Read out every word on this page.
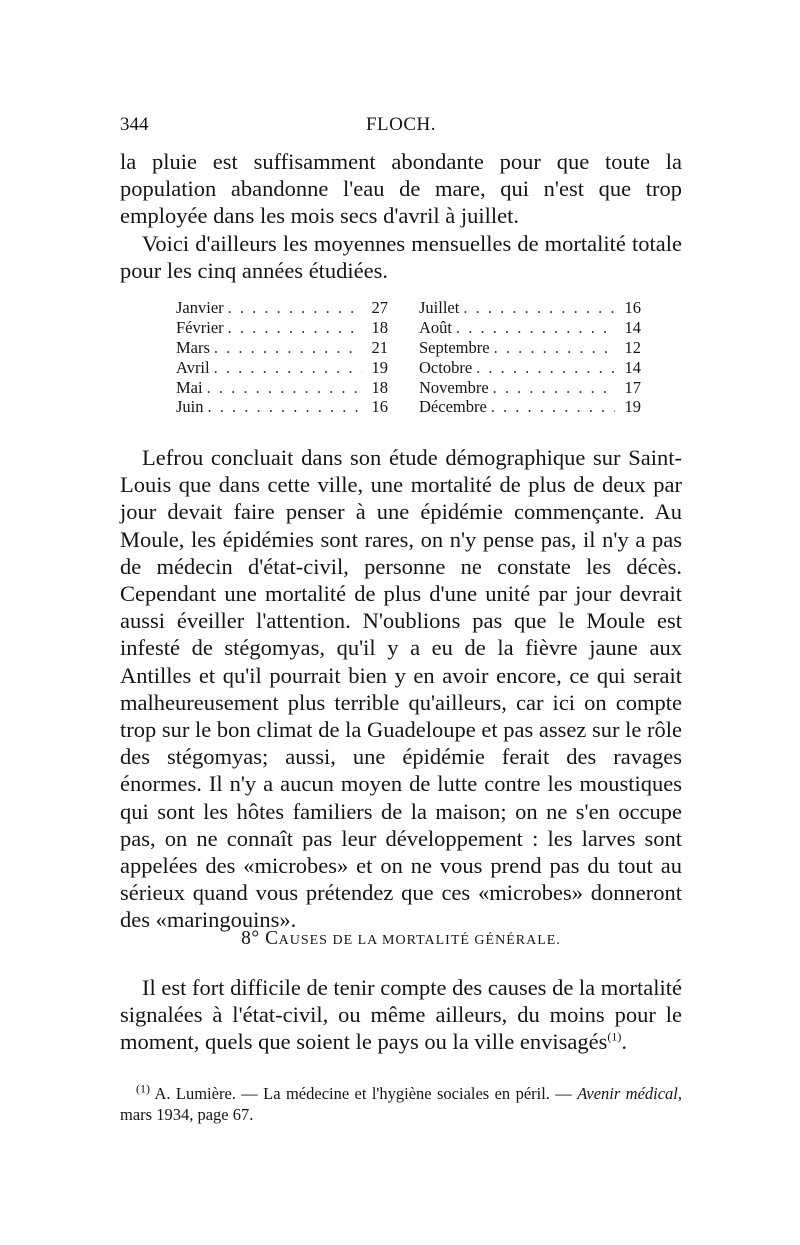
344	FLOCH.

la pluie est suffisamment abondante pour que toute la population abandonne l'eau de mare, qui n'est que trop employée dans les mois secs d'avril à juillet.

Voici d'ailleurs les moyennes mensuelles de mortalité totale pour les cinq années étudiées.

Janvier . . .	27
Février . . .	18
Mars . . .	21
Avril . . .	19
Mai . . .	18
Juin . . .	16
Juillet . . .	16
Août . . .	14
Septembre . . .	12
Octobre . . .	14
Novembre . . .	17
Décembre . . .	19

Lefrou concluait dans son étude démographique sur Saint-Louis que dans cette ville, une mortalité de plus de deux par jour devait faire penser à une épidémie commençante. Au Moule, les épidémies sont rares, on n'y pense pas, il n'y a pas de médecin d'état-civil, personne ne constate les décès. Cependant une mortalité de plus d'une unité par jour devrait aussi éveiller l'attention. N'oublions pas que le Moule est infesté de stégomyas, qu'il y a eu de la fièvre jaune aux Antilles et qu'il pourrait bien y en avoir encore, ce qui serait malheureusement plus terrible qu'ailleurs, car ici on compte trop sur le bon climat de la Guadeloupe et pas assez sur le rôle des stégomyas; aussi, une épidémie ferait des ravages énormes. Il n'y a aucun moyen de lutte contre les moustiques qui sont les hôtes familiers de la maison; on ne s'en occupe pas, on ne connaît pas leur développement : les larves sont appelées des «microbes» et on ne vous prend pas du tout au sérieux quand vous prétendez que ces «microbes» donneront des «maringouins».

8° CAUSES DE LA MORTALITÉ GÉNÉRALE.

Il est fort difficile de tenir compte des causes de la mortalité signalées à l'état-civil, ou même ailleurs, du moins pour le moment, quels que soient le pays ou la ville envisagés$^{(1)}$.

$^{(1)}$ A. Lumière. — La médecine et l'hygiène sociales en péril. — Avenir médical, mars 1934, page 67.
